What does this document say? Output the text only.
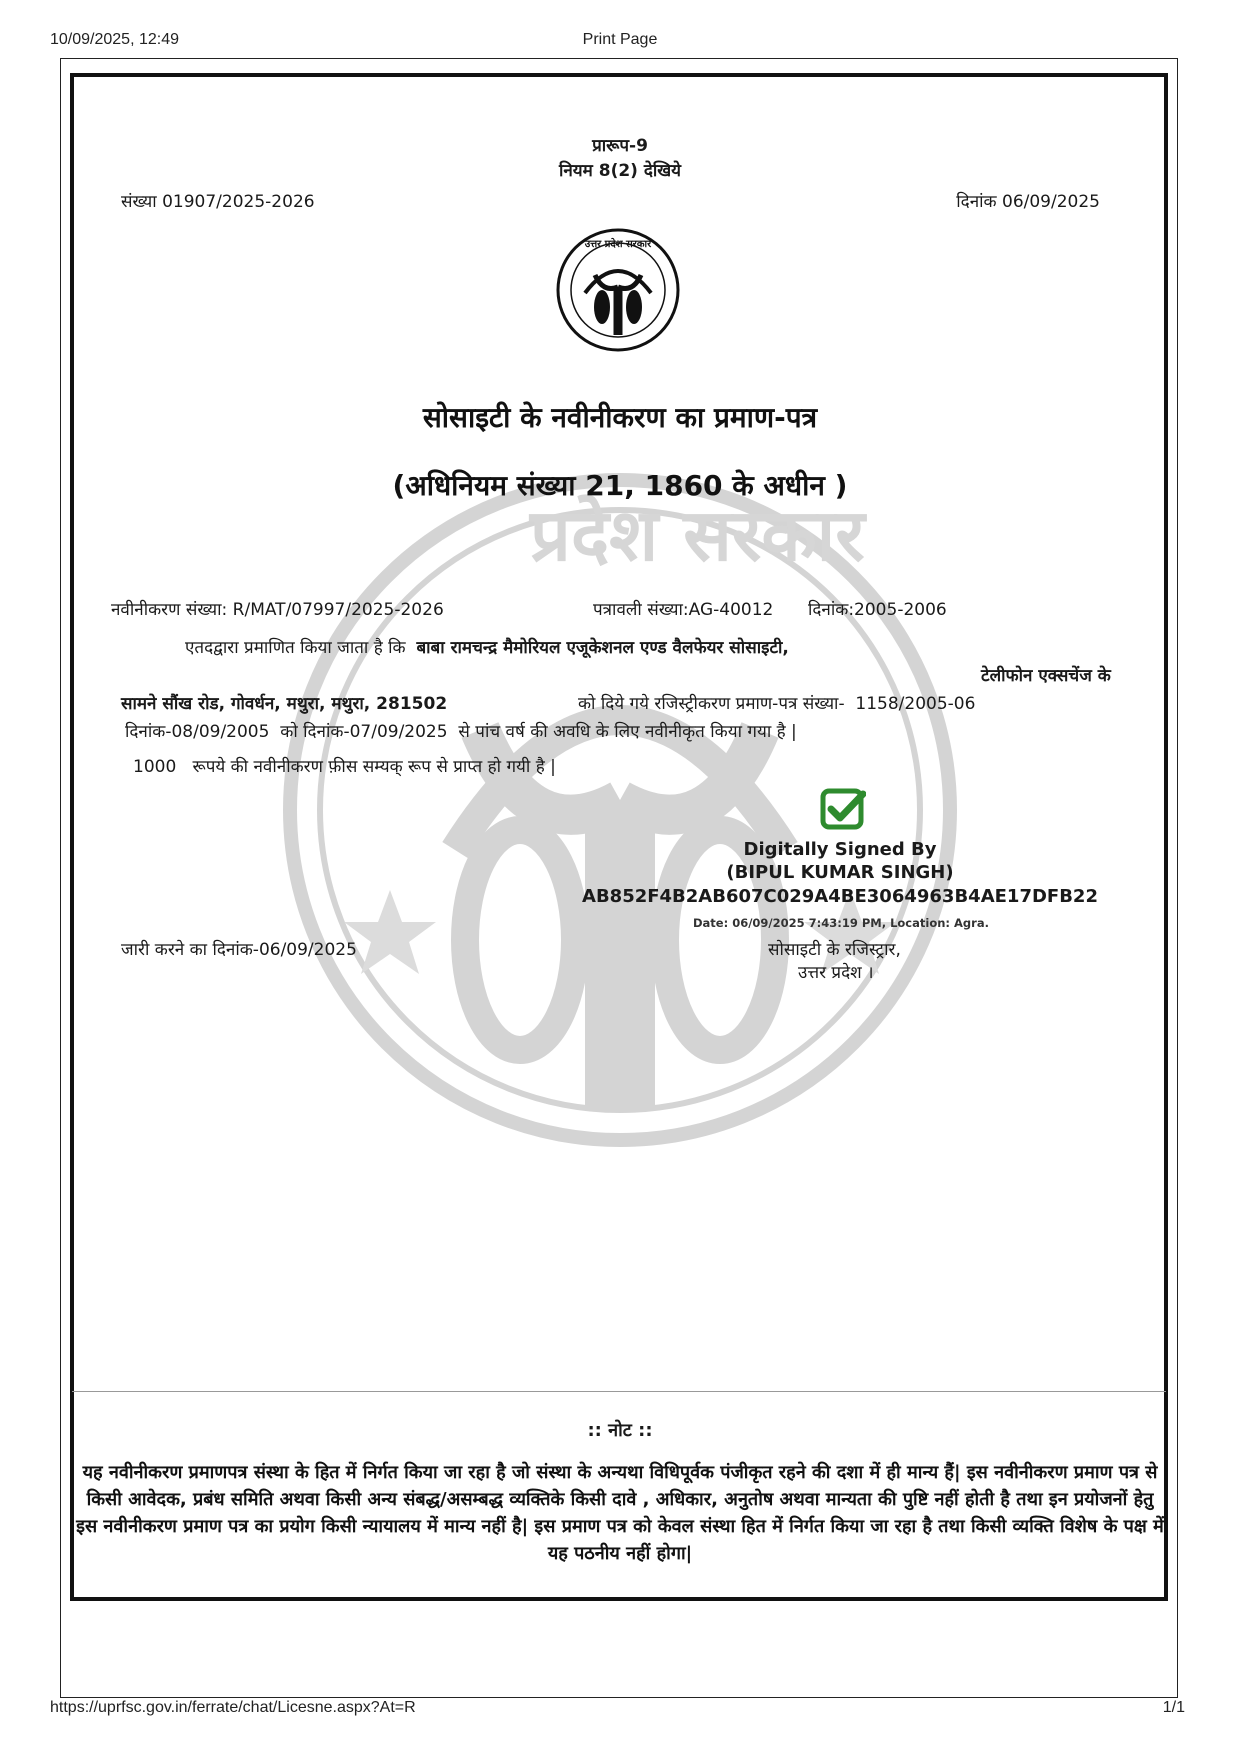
10/09/2025, 12:49	Print Page
प्रदेश सरकार
प्रारूप-9
नियम 8(2) देखिये
संख्या 01907/2025-2026	दिनांक 06/09/2025
उत्तर प्रदेश सरकार
सोसाइटी के नवीनीकरण का प्रमाण-पत्र
(अधिनियम संख्या 21, 1860 के अधीन )
नवीनीकरण संख्या: R/MAT/07997/2025-2026	पत्रावली संख्या:AG-40012 दिनांक:2005-2006
एतदद्वारा प्रमाणित किया जाता है कि बाबा रामचन्द्र मैमोरियल एजूकेशनल एण्ड वैलफेयर सोसाइटी,
टेलीफोन एक्सचेंज के सामने सौंख रोड, गोवर्धन, मथुरा, मथुरा, 281502	को दिये गये रजिस्ट्रीकरण प्रमाण-पत्र संख्या- 1158/2005-06
दिनांक-08/09/2005 को दिनांक-07/09/2025 से पांच वर्ष की अवधि के लिए नवीनीकृत किया गया है |
1000 रूपये की नवीनीकरण फ़ीस सम्यक् रूप से प्राप्त हो गयी है |
Digitally Signed By
(BIPUL KUMAR SINGH)
AB852F4B2AB607C029A4BE3064963B4AE17DFB22
Date: 06/09/2025 7:43:19 PM, Location: Agra.
जारी करने का दिनांक-06/09/2025	सोसाइटी के रजिस्ट्रार,
उत्तर प्रदेश ।
:: नोट ::
यह नवीनीकरण प्रमाणपत्र संस्था के हित में निर्गत किया जा रहा है जो संस्था के अन्यथा विधिपूर्वक पंजीकृत रहने की दशा में ही मान्य हैं| इस नवीनीकरण प्रमाण पत्र से किसी आवेदक, प्रबंध समिति अथवा किसी अन्य संबद्ध/असम्बद्ध व्यक्तिके किसी दावे , अधिकार, अनुतोष अथवा मान्यता की पुष्टि नहीं होती है तथा इन प्रयोजनों हेतु इस नवीनीकरण प्रमाण पत्र का प्रयोग किसी न्यायालय में मान्य नहीं है| इस प्रमाण पत्र को केवल संस्था हित में निर्गत किया जा रहा है तथा किसी व्यक्ति विशेष के पक्ष में यह पठनीय नहीं होगा|
https://uprfsc.gov.in/ferrate/chat/Licesne.aspx?At=R	1/1
